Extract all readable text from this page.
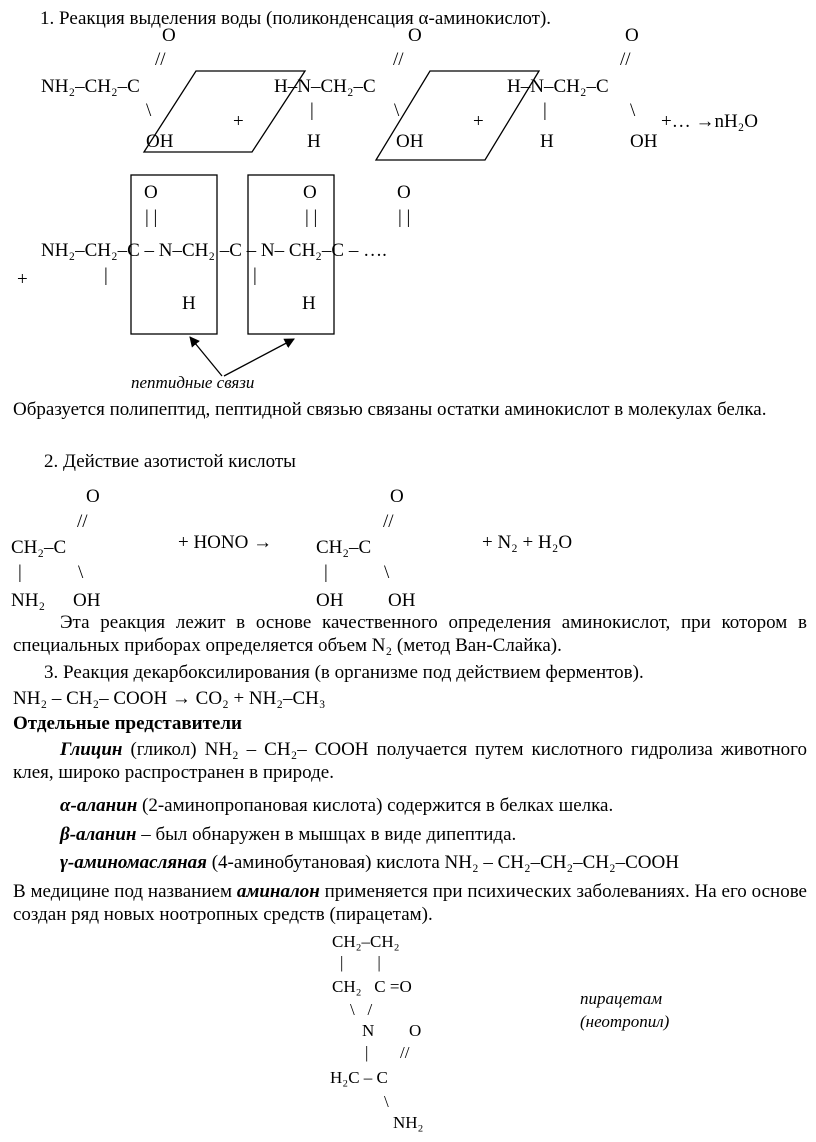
1. Реакция выделения воды (поликонденсация α-аминокислот).
O	O	O
//	//	//
NH₂–CH₂–C	H–N–CH₂–C	H–N–CH₂–C
\
+
|	\
+
|	\
+… →nH₂O
OH	H	OH	H	OH
O	O	O
| |	| |	| |
NH₂–CH₂–C – N–CH₂ –C – N– CH₂–C – ….
+	|	|
H	H
пептидные связи
Образуется полипептид, пептидной связью связаны остатки аминокислот в молекулах белка.
2. Действие азотистой кислоты
O	O
//	//
CH₂–C	+ HONO → CH₂–C	+ N₂ + H₂O
|	\	|	\
NH₂ OH	OH OH
Эта реакция лежит в основе качественного определения аминокислот, при котором в специальных приборах определяется объем N₂ (метод Ван-Слайка).
3. Реакция декарбоксилирования (в организме под действием ферментов).
NH₂ – CH₂– COOH → CO₂ + NH₂–CH₃
Отдельные представители
Глицин (гликол) NH₂ – CH₂– COOH получается путем кислотного гидролиза животного клея, широко распространен в природе.
α-аланин (2-аминопропановая кислота) содержится в белках шелка.
β-аланин – был обнаружен в мышцах в виде дипептида.
γ-аминомасляная (4-аминобутановая) кислота NH₂ – CH₂–CH₂–CH₂–COOH
В медицине под названием аминалон применяется при психических заболеваниях. На его основе создан ряд новых ноотропных средств (пирацетам).
CH₂–CH₂
|        |
CH₂   C =O
\   /
N O
| //
H₂C – C
\
NH₂
пирацетам
(неотропил)
